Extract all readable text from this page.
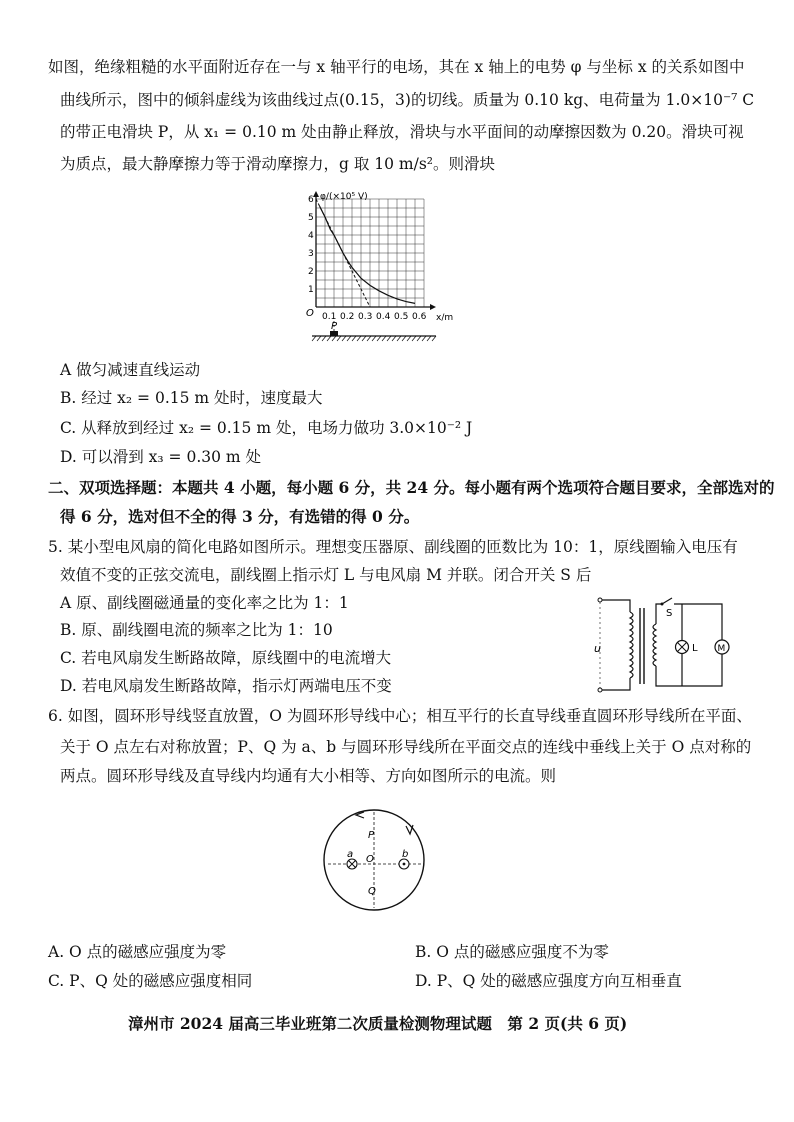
如图，绝缘粗糙的水平面附近存在一与 x 轴平行的电场，其在 x 轴上的电势 φ 与坐标 x 的关系如图中
曲线所示，图中的倾斜虚线为该曲线过点(0.15，3)的切线。质量为 0.10 kg、电荷量为 1.0×10⁻⁷ C
的带正电滑块 P，从 x₁ = 0.10 m 处由静止释放，滑块与水平面间的动摩擦因数为 0.20。滑块可视
为质点，最大静摩擦力等于滑动摩擦力，g 取 10 m/s²。则滑块
φ/(×10⁵ V)
x/m
O
1
2
3
4
5
6
0.1 0.2 0.3 0.4 0.5 0.6
P
A 做匀减速直线运动
B. 经过 x₂ = 0.15 m 处时，速度最大
C. 从释放到经过 x₂ = 0.15 m 处，电场力做功 3.0×10⁻² J
D. 可以滑到 x₃ = 0.30 m 处
二、双项选择题：本题共 4 小题，每小题 6 分，共 24 分。每小题有两个选项符合题目要求，全部选对的
得 6 分，选对但不全的得 3 分，有选错的得 0 分。
5. 某小型电风扇的简化电路如图所示。理想变压器原、副线圈的匝数比为 10：1，原线圈输入电压有
效值不变的正弦交流电，副线圈上指示灯 L 与电风扇 M 并联。闭合开关 S 后
A 原、副线圈磁通量的变化率之比为 1：1
B. 原、副线圈电流的频率之比为 1：10
C. 若电风扇发生断路故障，原线圈中的电流增大
D. 若电风扇发生断路故障，指示灯两端电压不变
u
S
L M
6. 如图，圆环形导线竖直放置，O 为圆环形导线中心；相互平行的长直导线垂直圆环形导线所在平面、
关于 O 点左右对称放置；P、Q 为 a、b 与圆环形导线所在平面交点的连线中垂线上关于 O 点对称的
两点。圆环形导线及直导线内均通有大小相等、方向如图所示的电流。则
a	b
O
P
Q
A. O 点的磁感应强度为零	B. O 点的磁感应强度不为零
C. P、Q 处的磁感应强度相同	D. P、Q 处的磁感应强度方向互相垂直
漳州市 2024 届高三毕业班第二次质量检测物理试题　第 2 页(共 6 页)
